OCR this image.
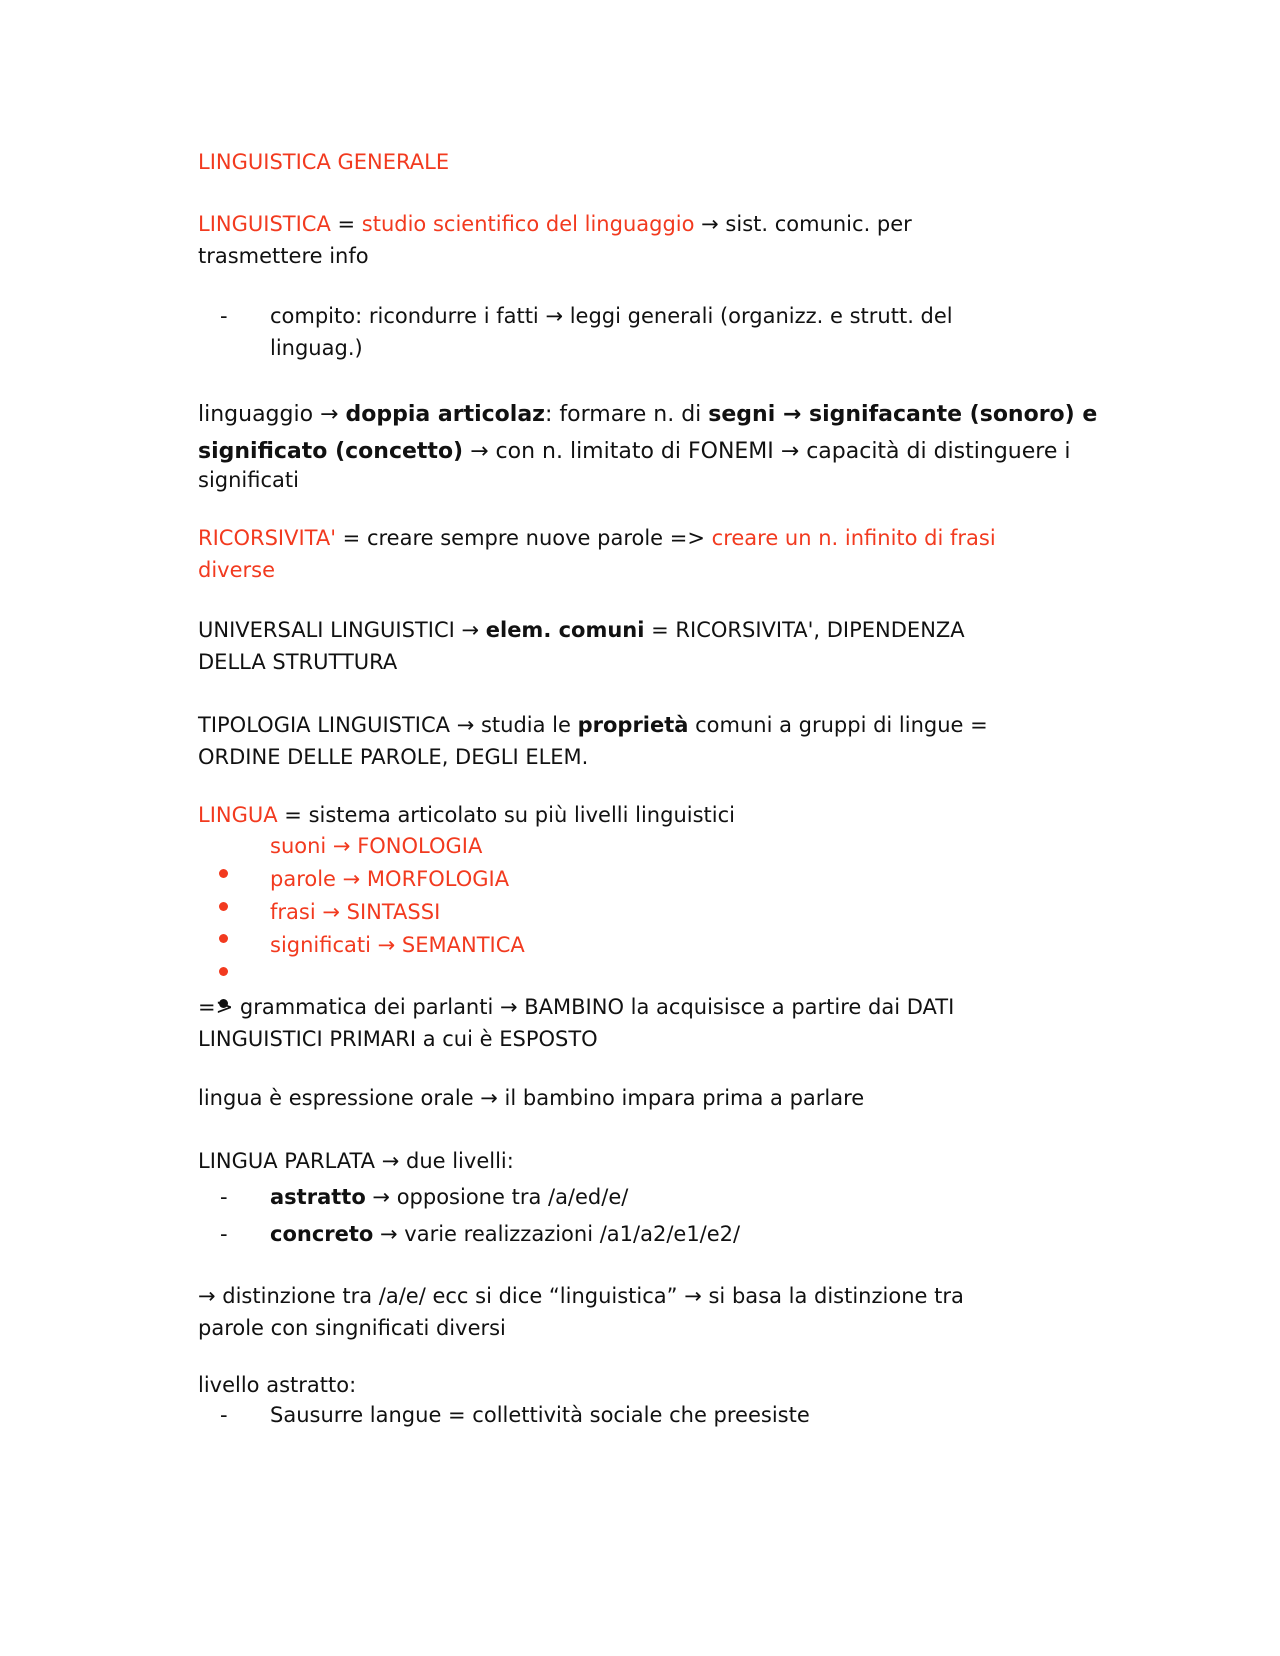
LINGUISTICA GENERALE
LINGUISTICA = studio scientifico del linguaggio → sist. comunic. per
trasmettere info
- compito: ricondurre i fatti → leggi generali (organizz. e strutt. del
linguag.)
linguaggio → doppia articolaz: formare n. di segni → signifacante (sonoro) e
significato (concetto) → con n. limitato di FONEMI → capacità di distinguere i
significati
RICORSIVITA' = creare sempre nuove parole => creare un n. infinito di frasi
diverse
UNIVERSALI LINGUISTICI → elem. comuni = RICORSIVITA', DIPENDENZA
DELLA STRUTTURA
TIPOLOGIA LINGUISTICA → studia le proprietà comuni a gruppi di lingue =
ORDINE DELLE PAROLE, DEGLI ELEM.
LINGUA = sistema articolato su più livelli linguistici
suoni → FONOLOGIA
parole → MORFOLOGIA
frasi → SINTASSI
significati → SEMANTICA
=> grammatica dei parlanti → BAMBINO la acquisisce a partire dai DATI
LINGUISTICI PRIMARI a cui è ESPOSTO
lingua è espressione orale → il bambino impara prima a parlare
LINGUA PARLATA → due livelli:
- astratto → opposione tra /a/ed/e/
- concreto → varie realizzazioni /a1/a2/e1/e2/
→ distinzione tra /a/e/ ecc si dice “linguistica” → si basa la distinzione tra
parole con singnificati diversi
livello astratto:
- Sausurre langue = collettività sociale che preesiste
